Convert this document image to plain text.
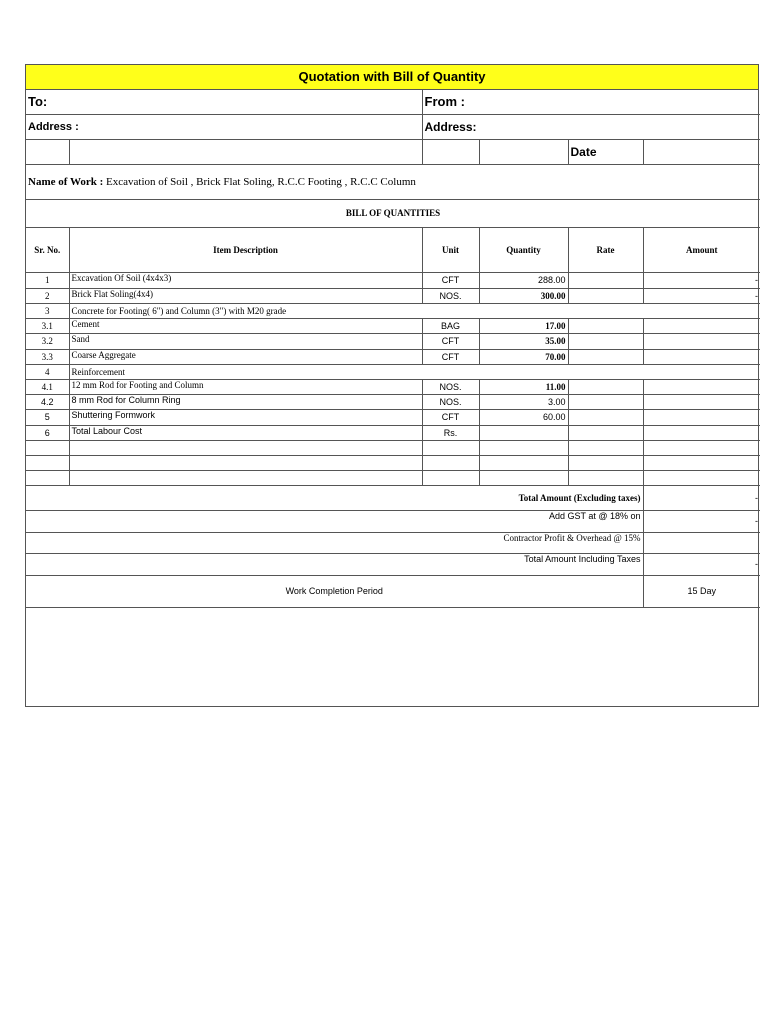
Quotation with Bill of Quantity
To:		From :			
Address :		Address:			
				Date	
Name of Work : Excavation of Soil , Brick Flat Soling, R.C.C Footing , R.C.C Column					
BILL OF QUANTITIES					
Sr. No.	Item Description	Unit	Quantity	Rate	Amount
1	Excavation Of Soil (4x4x3)	CFT	288.00		-
2	Brick Flat Soling(4x4)	NOS.	300.00		-
3	Concrete for Footing( 6") and Column (3") with M20 grade				
3.1	Cement	BAG	17.00		
3.2	Sand	CFT	35.00		
3.3	Coarse Aggregate	CFT	70.00		
4	Reinforcement				
4.1	12 mm Rod for Footing and Column	NOS.	11.00		
4.2	8 mm Rod for Column Ring	NOS.	3.00		
5	Shuttering Formwork	CFT	60.00		
6	Total Labour Cost	Rs.			

Total Amount (Excluding taxes)					-
Add GST at @ 18% on					-
Contractor Profit & Overhead @ 15%					
Total Amount Including Taxes					-
Work Completion Period					15 Day
